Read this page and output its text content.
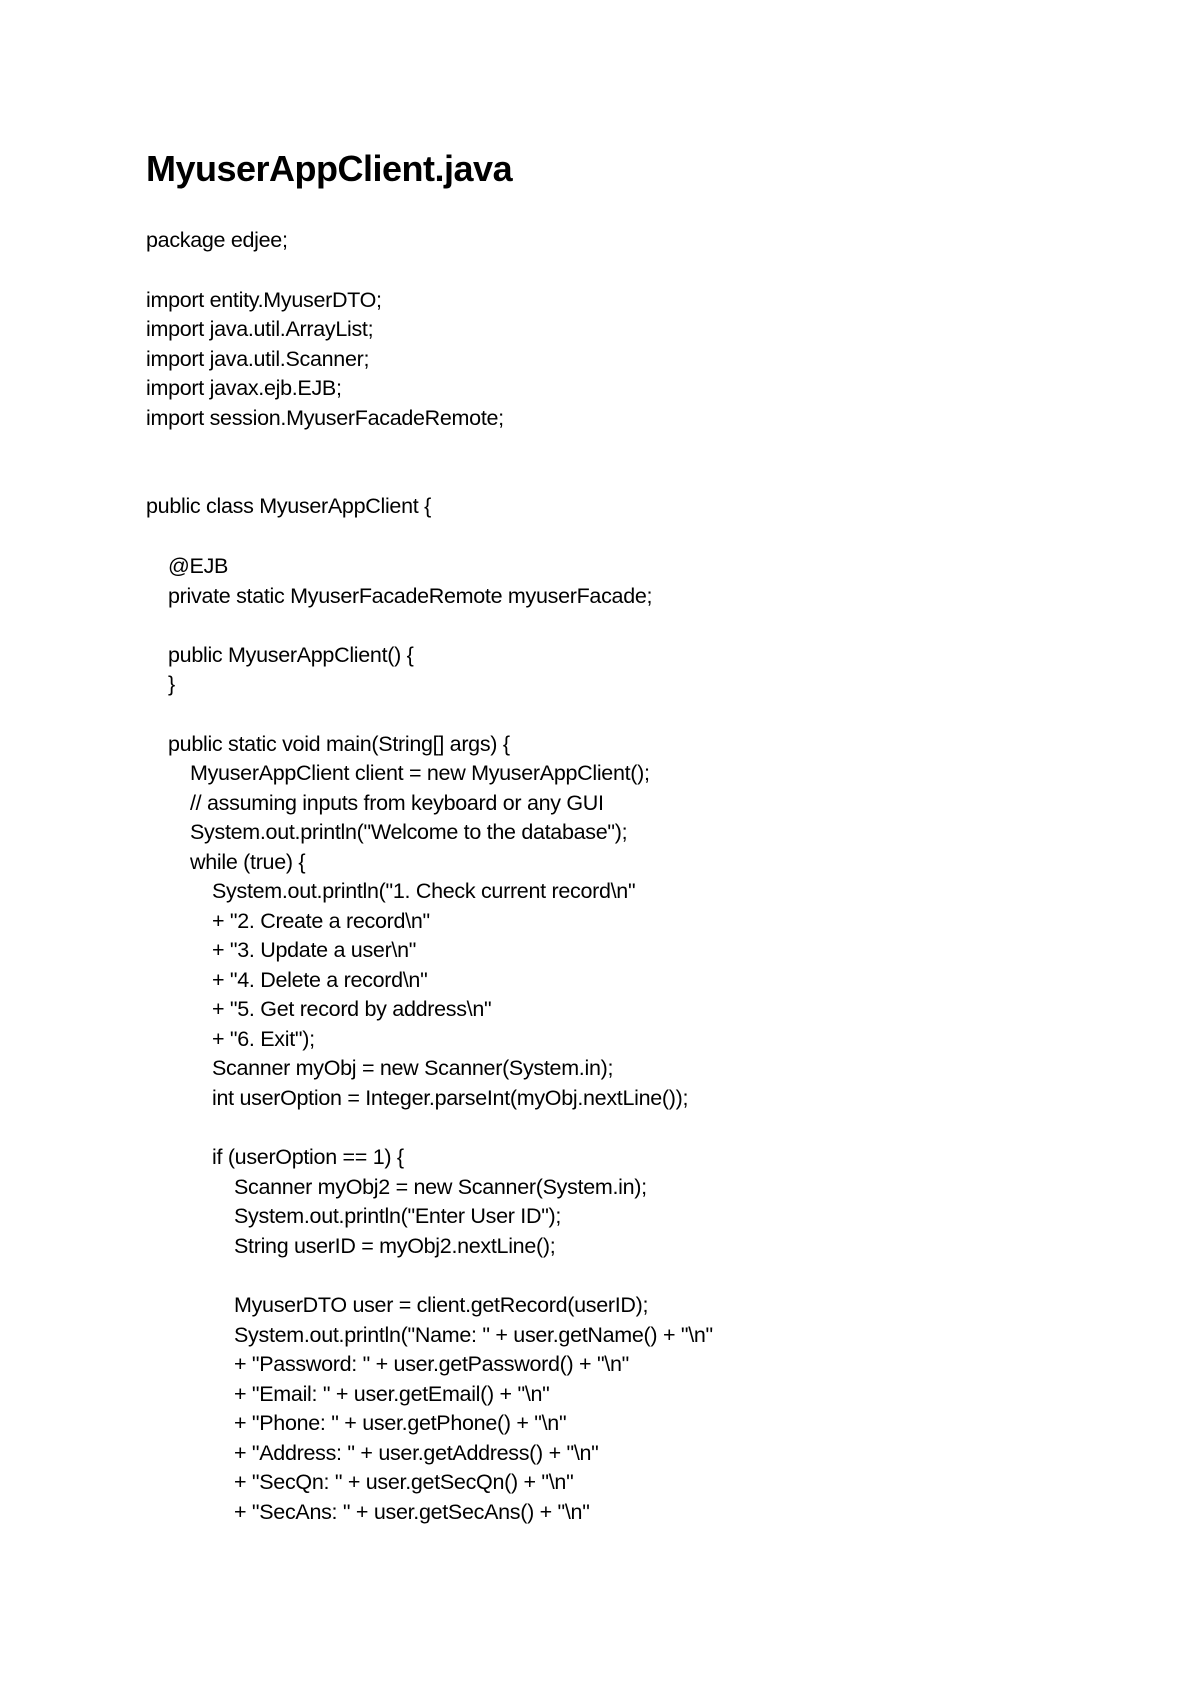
MyuserAppClient.java

package edjee;

import entity.MyuserDTO;

import java.util.ArrayList;

import java.util.Scanner;

import javax.ejb.EJB;

import session.MyuserFacadeRemote;

public class MyuserAppClient {

@EJB

private static MyuserFacadeRemote myuserFacade;

public MyuserAppClient() {

}

public static void main(String[] args) {

MyuserAppClient client = new MyuserAppClient();

// assuming inputs from keyboard or any GUI

System.out.println("Welcome to the database");

while (true) {

System.out.println("1. Check current record\n"

+ "2. Create a record\n"

+ "3. Update a user\n"

+ "4. Delete a record\n"

+ "5. Get record by address\n"

+ "6. Exit");

Scanner myObj = new Scanner(System.in);

int userOption = Integer.parseInt(myObj.nextLine());

if (userOption == 1) {

Scanner myObj2 = new Scanner(System.in);

System.out.println("Enter User ID");

String userID = myObj2.nextLine();

MyuserDTO user = client.getRecord(userID);

System.out.println("Name: " + user.getName() + "\n"

+ "Password: " + user.getPassword() + "\n"

+ "Email: " + user.getEmail() + "\n"

+ "Phone: " + user.getPhone() + "\n"

+ "Address: " + user.getAddress() + "\n"

+ "SecQn: " + user.getSecQn() + "\n"

+ "SecAns: " + user.getSecAns() + "\n"
